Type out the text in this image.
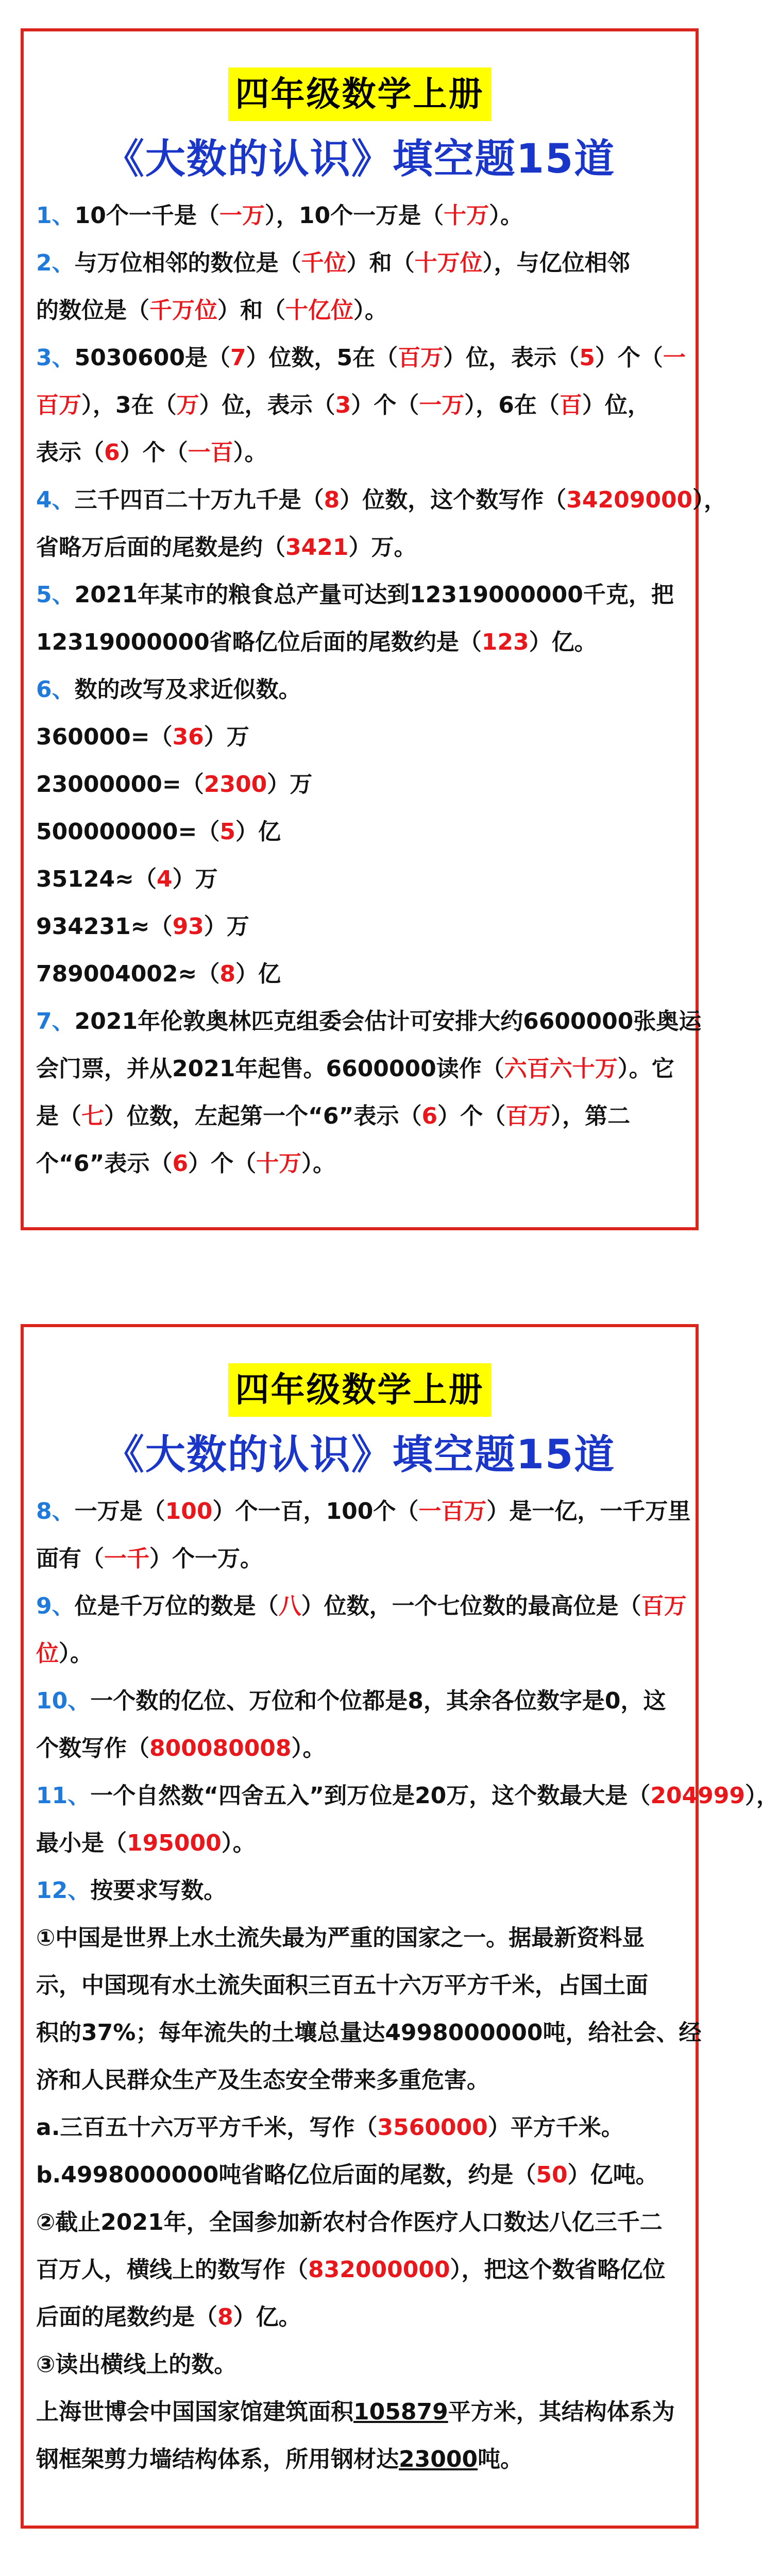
四年级数学上册
《大数的认识》填空题15道
1、10个一千是（一万），10个一万是（十万）。
2、与万位相邻的数位是（千位）和（十万位），与亿位相邻
的数位是（千万位）和（十亿位）。
3、5030600是（7）位数，5在（百万）位，表示（5）个（一
百万），3在（万）位，表示（3）个（一万），6在（百）位，
表示（6）个（一百）。
4、三千四百二十万九千是（8）位数，这个数写作（34209000），
省略万后面的尾数是约（3421）万。
5、2021年某市的粮食总产量可达到12319000000千克，把
12319000000省略亿位后面的尾数约是（123）亿。
6、数的改写及求近似数。
360000=（36）万
23000000=（2300）万
500000000=（5）亿
35124≈（4）万
934231≈（93）万
789004002≈（8）亿
7、2021年伦敦奥林匹克组委会估计可安排大约6600000张奥运
会门票，并从2021年起售。6600000读作（六百六十万）。它
是（七）位数，左起第一个“6”表示（6）个（百万），第二
个“6”表示（6）个（十万）。
四年级数学上册
《大数的认识》填空题15道
8、一万是（100）个一百，100个（一百万）是一亿，一千万里
面有（一千）个一万。
9、位是千万位的数是（八）位数，一个七位数的最高位是（百万
位）。
10、一个数的亿位、万位和个位都是8，其余各位数字是0，这
个数写作（800080008）。
11、一个自然数“四舍五入”到万位是20万，这个数最大是（204999），
最小是（195000）。
12、按要求写数。
①中国是世界上水土流失最为严重的国家之一。据最新资料显
示，中国现有水土流失面积三百五十六万平方千米，占国土面
积的37%；每年流失的土壤总量达4998000000吨，给社会、经
济和人民群众生产及生态安全带来多重危害。
a.三百五十六万平方千米，写作（3560000）平方千米。
b.4998000000吨省略亿位后面的尾数，约是（50）亿吨。
②截止2021年，全国参加新农村合作医疗人口数达八亿三千二
百万人，横线上的数写作（832000000），把这个数省略亿位
后面的尾数约是（8）亿。
③读出横线上的数。
上海世博会中国国家馆建筑面积105879平方米，其结构体系为
钢框架剪力墙结构体系，所用钢材达23000吨。
